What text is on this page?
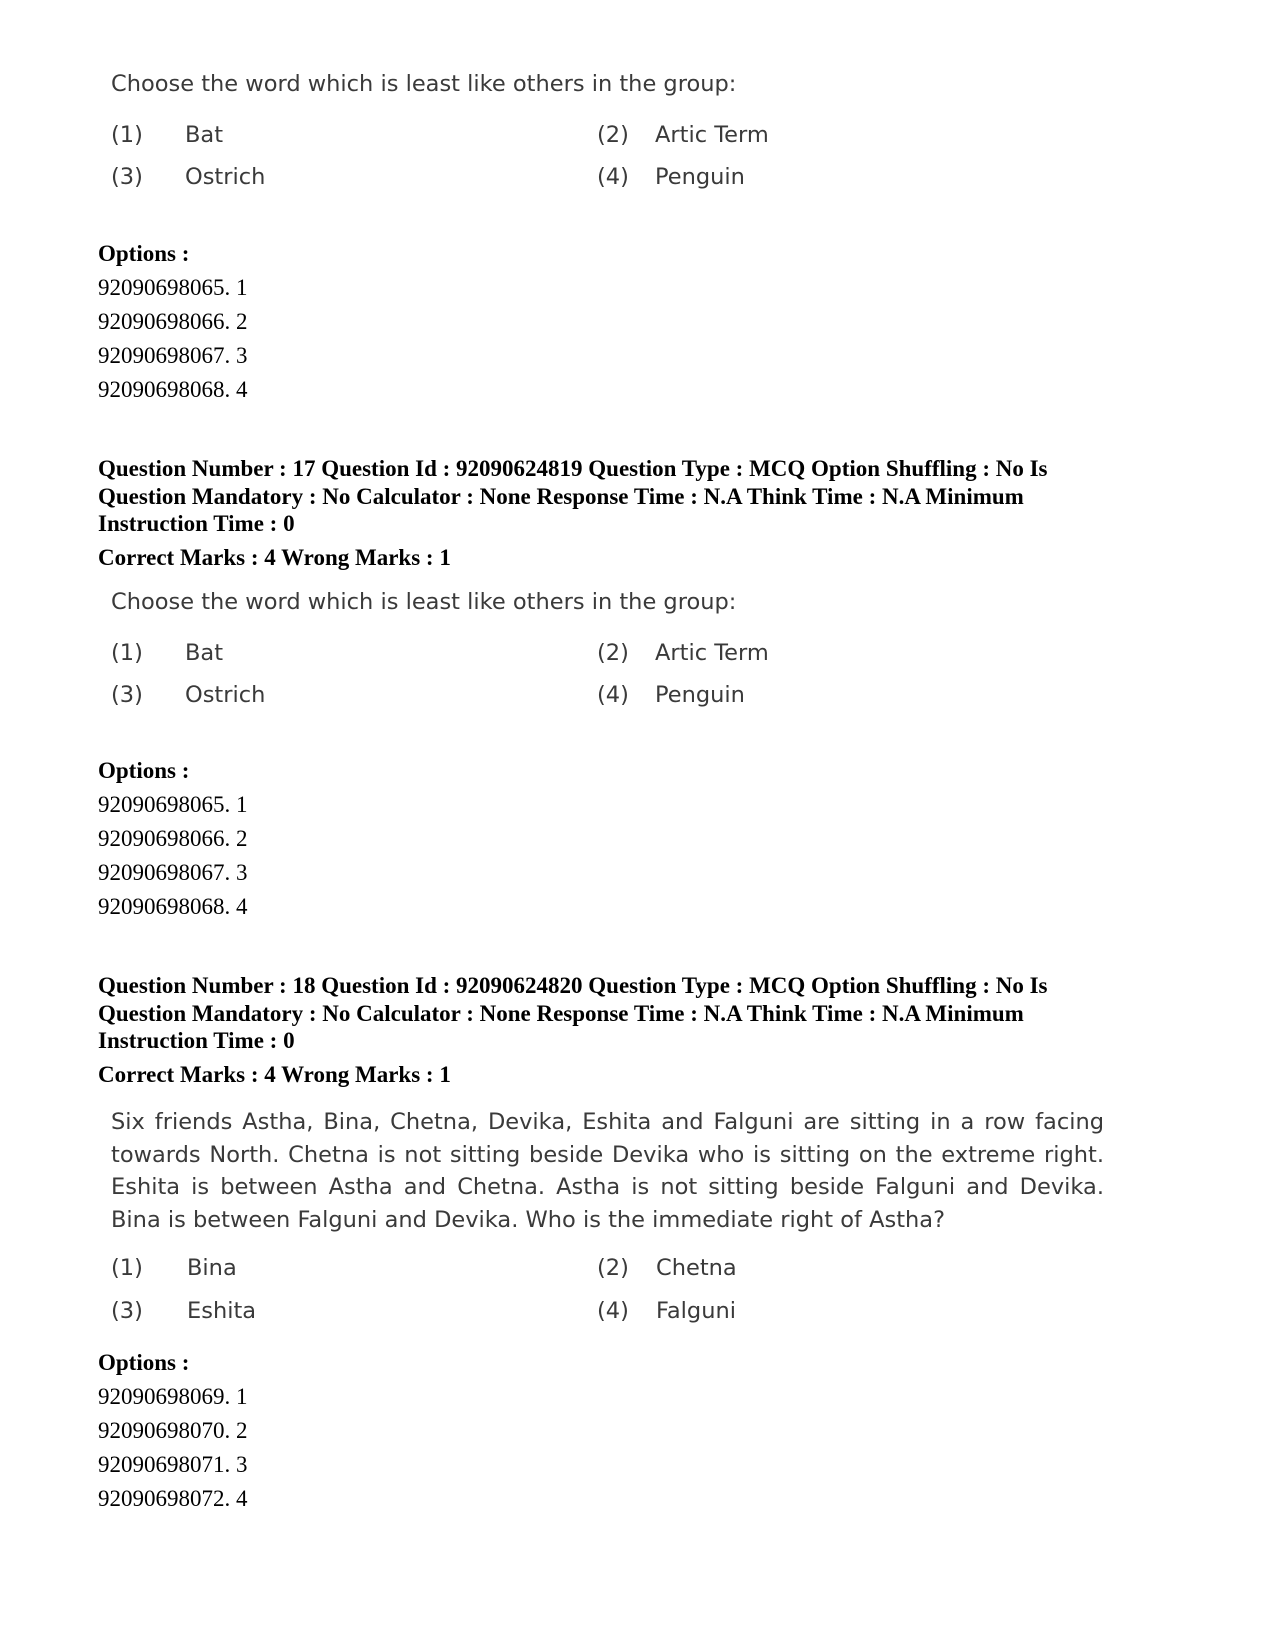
Choose the word which is least like others in the group:
(1) Bat	(2) Artic Term
(3) Ostrich	(4) Penguin
Options :
92090698065. 1
92090698066. 2
92090698067. 3
92090698068. 4
Question Number : 17 Question Id : 92090624819 Question Type : MCQ Option Shuffling : No Is
Question Mandatory : No Calculator : None Response Time : N.A Think Time : N.A Minimum
Instruction Time : 0
Correct Marks : 4 Wrong Marks : 1
Choose the word which is least like others in the group:
(1) Bat	(2) Artic Term
(3) Ostrich	(4) Penguin
Options :
92090698065. 1
92090698066. 2
92090698067. 3
92090698068. 4
Question Number : 18 Question Id : 92090624820 Question Type : MCQ Option Shuffling : No Is
Question Mandatory : No Calculator : None Response Time : N.A Think Time : N.A Minimum
Instruction Time : 0
Correct Marks : 4 Wrong Marks : 1

Six friends Astha, Bina, Chetna, Devika, Eshita and Falguni are sitting in a row facing towards North. Chetna is not sitting beside Devika who is sitting on the extreme right. Eshita is between Astha and Chetna. Astha is not sitting beside Falguni and Devika. Bina is between Falguni and Devika. Who is the immediate right of Astha?

(1) Bina	(2) Chetna
(3) Eshita	(4) Falguni
Options :
92090698069. 1
92090698070. 2
92090698071. 3
92090698072. 4
